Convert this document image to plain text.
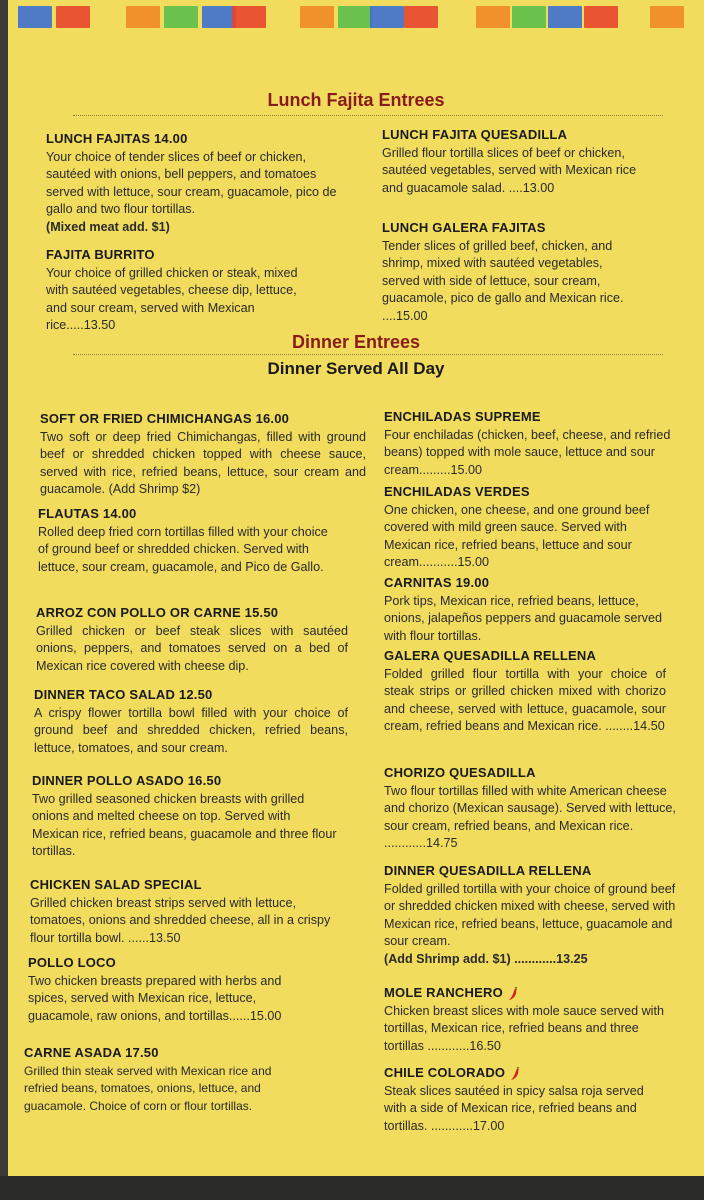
Lunch Fajita Entrees
LUNCH FAJITAS 14.00
Your choice of tender slices of beef or chicken, sautéed with onions, bell peppers, and tomatoes served with lettuce, sour cream, guacamole, pico de gallo and two flour tortillas.
(Mixed meat add. $1)
FAJITA BURRITO
Your choice of grilled chicken or steak, mixed with sautéed vegetables, cheese dip, lettuce, and sour cream, served with Mexican rice.....13.50
LUNCH FAJITA QUESADILLA
Grilled flour tortilla slices of beef or chicken, sautéed vegetables, served with Mexican rice and guacamole salad. ....13.00
LUNCH GALERA FAJITAS
Tender slices of grilled beef, chicken, and shrimp, mixed with sautéed vegetables, served with side of lettuce, sour cream, guacamole, pico de gallo and Mexican rice. ....15.00
Dinner Entrees
Dinner Served All Day
SOFT OR FRIED CHIMICHANGAS 16.00
Two soft or deep fried Chimichangas, filled with ground beef or shredded chicken topped with cheese sauce, served with rice, refried beans, lettuce, sour cream and guacamole. (Add Shrimp $2)
FLAUTAS 14.00
Rolled deep fried corn tortillas filled with your choice of ground beef or shredded chicken. Served with lettuce, sour cream, guacamole, and Pico de Gallo.
ARROZ CON POLLO OR CARNE 15.50
Grilled chicken or beef steak slices with sautéed onions, peppers, and tomatoes served on a bed of Mexican rice covered with cheese dip.
DINNER TACO SALAD 12.50
A crispy flower tortilla bowl filled with your choice of ground beef and shredded chicken, refried beans, lettuce, tomatoes, and sour cream.
DINNER POLLO ASADO 16.50
Two grilled seasoned chicken breasts with grilled onions and melted cheese on top. Served with Mexican rice, refried beans, guacamole and three flour tortillas.
CHICKEN SALAD SPECIAL
Grilled chicken breast strips served with lettuce, tomatoes, onions and shredded cheese, all in a crispy flour tortilla bowl. ......13.50
POLLO LOCO
Two chicken breasts prepared with herbs and spices, served with Mexican rice, lettuce, guacamole, raw onions, and tortillas......15.00
CARNE ASADA 17.50
Grilled thin steak served with Mexican rice and refried beans, tomatoes, onions, lettuce, and guacamole. Choice of corn or flour tortillas.
ENCHILADAS SUPREME
Four enchiladas (chicken, beef, cheese, and refried beans) topped with mole sauce, lettuce and sour cream.........15.00
ENCHILADAS VERDES
One chicken, one cheese, and one ground beef covered with mild green sauce. Served with Mexican rice, refried beans, lettuce and sour cream...........15.00
CARNITAS 19.00
Pork tips, Mexican rice, refried beans, lettuce, onions, jalapeños peppers and guacamole served with flour tortillas.
GALERA QUESADILLA RELLENA
Folded grilled flour tortilla with your choice of steak strips or grilled chicken mixed with chorizo and cheese, served with lettuce, guacamole, sour cream, refried beans and Mexican rice. ........14.50
CHORIZO QUESADILLA
Two flour tortillas filled with white American cheese and chorizo (Mexican sausage). Served with lettuce, sour cream, refried beans, and Mexican rice. ............14.75
DINNER QUESADILLA RELLENA
Folded grilled tortilla with your choice of ground beef or shredded chicken mixed with cheese, served with Mexican rice, refried beans, lettuce, guacamole and sour cream.
(Add Shrimp add. $1) ............13.25
MOLE RANCHERO
Chicken breast slices with mole sauce served with tortillas, Mexican rice, refried beans and three tortillas ............16.50
CHILE COLORADO
Steak slices sautéed in spicy salsa roja served with a side of Mexican rice, refried beans and tortillas. ............17.00
